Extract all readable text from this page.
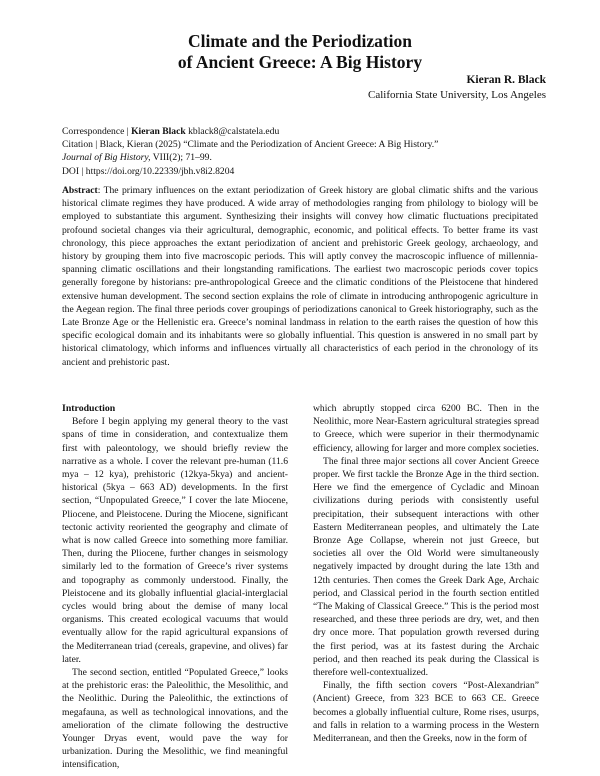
Climate and the Periodization
of Ancient Greece: A Big History
Kieran R. Black
California State University, Los Angeles
Correspondence | Kieran Black kblack8@calstatela.edu
Citation | Black, Kieran (2025) “Climate and the Periodization of Ancient Greece: A Big History.”
Journal of Big History, VIII(2); 71–99.
DOI | https://doi.org/10.22339/jbh.v8i2.8204
Abstract: The primary influences on the extant periodization of Greek history are global climatic shifts and the various historical climate regimes they have produced. A wide array of methodologies ranging from philology to biology will be employed to substantiate this argument. Synthesizing their insights will convey how climatic fluctuations precipitated profound societal changes via their agricultural, demographic, economic, and political effects. To better frame its vast chronology, this piece approaches the extant periodization of ancient and prehistoric Greek geology, archaeology, and history by grouping them into five macroscopic periods. This will aptly convey the macroscopic influence of millennia-spanning climatic oscillations and their longstanding ramifications. The earliest two macroscopic periods cover topics generally foregone by historians: pre-anthropological Greece and the climatic conditions of the Pleistocene that hindered extensive human development. The second section explains the role of climate in introducing anthropogenic agriculture in the Aegean region. The final three periods cover groupings of periodizations canonical to Greek historiography, such as the Late Bronze Age or the Hellenistic era. Greece’s nominal landmass in relation to the earth raises the question of how this specific ecological domain and its inhabitants were so globally influential. This question is answered in no small part by historical climatology, which informs and influences virtually all characteristics of each period in the chronology of its ancient and prehistoric past.
Introduction

Before I begin applying my general theory to the vast spans of time in consideration, and contextualize them first with paleontology, we should briefly review the narrative as a whole. I cover the relevant pre-human (11.6 mya – 12 kya), prehistoric (12kya-5kya) and ancient-historical (5kya – 663 AD) developments. In the first section, “Unpopulated Greece,” I cover the late Miocene, Pliocene, and Pleistocene. During the Miocene, significant tectonic activity reoriented the geography and climate of what is now called Greece into something more familiar. Then, during the Pliocene, further changes in seismology similarly led to the formation of Greece’s river systems and topography as commonly understood. Finally, the Pleistocene and its globally influential glacial-interglacial cycles would bring about the demise of many local organisms. This created ecological vacuums that would eventually allow for the rapid agricultural expansions of the Mediterranean triad (cereals, grapevine, and olives) far later.

The second section, entitled “Populated Greece,” looks at the prehistoric eras: the Paleolithic, the Mesolithic, and the Neolithic. During the Paleolithic, the extinctions of megafauna, as well as technological innovations, and the amelioration of the climate following the destructive Younger Dryas event, would pave the way for urbanization. During the Mesolithic, we find meaningful intensification,

which abruptly stopped circa 6200 BC. Then in the Neolithic, more Near-Eastern agricultural strategies spread to Greece, which were superior in their thermodynamic efficiency, allowing for larger and more complex societies.

The final three major sections all cover Ancient Greece proper. We first tackle the Bronze Age in the third section. Here we find the emergence of Cycladic and Minoan civilizations during periods with consistently useful precipitation, their subsequent interactions with other Eastern Mediterranean peoples, and ultimately the Late Bronze Age Collapse, wherein not just Greece, but societies all over the Old World were simultaneously negatively impacted by drought during the late 13th and 12th centuries. Then comes the Greek Dark Age, Archaic period, and Classical period in the fourth section entitled “The Making of Classical Greece.” This is the period most researched, and these three periods are dry, wet, and then dry once more. That population growth reversed during the first period, was at its fastest during the Archaic period, and then reached its peak during the Classical is therefore well-contextualized.

Finally, the fifth section covers “Post-Alexandrian” (Ancient) Greece, from 323 BCE to 663 CE. Greece becomes a globally influential culture, Rome rises, usurps, and falls in relation to a warming process in the Western Mediterranean, and then the Greeks, now in the form of
